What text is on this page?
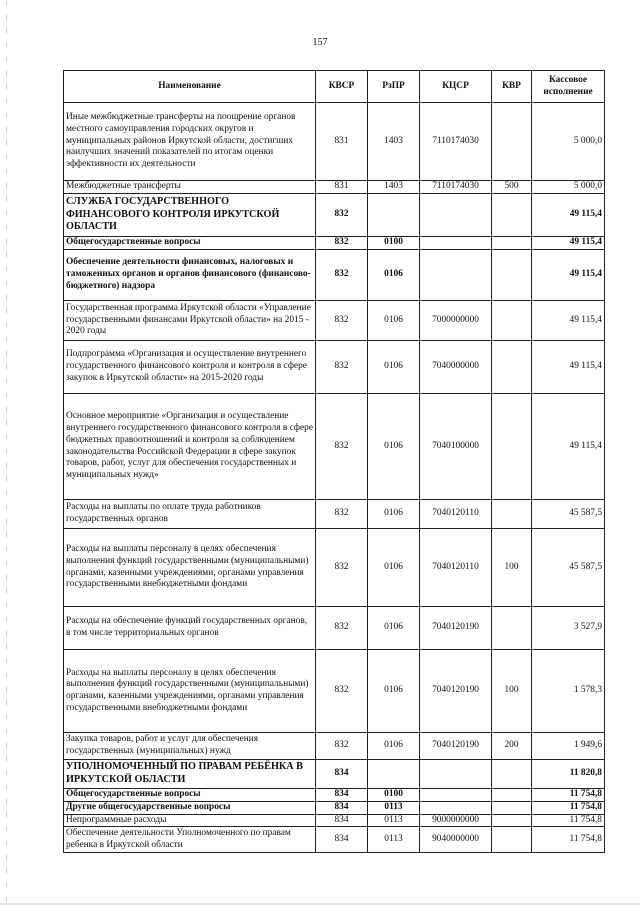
157
Наименование	КВСР	РзПР	КЦСР	КВР	Кассовое исполнение
Иные межбюджетные трансферты на поощрение органов местного самоуправления городских округов и муниципальных районов Иркутской области, достигших наилучших значений показателей по итогам оценки эффективности их деятельности	831	1403	7110174030		5 000,0
Межбюджетные трансферты	831	1403	7110174030	500	5 000,0
СЛУЖБА ГОСУДАРСТВЕННОГО ФИНАНСОВОГО КОНТРОЛЯ ИРКУТСКОЙ ОБЛАСТИ	832				49 115,4
Общегосударственные вопросы	832	0100			49 115,4
Обеспечение деятельности финансовых, налоговых и таможенных органов и органов финансового (финансово-бюджетного) надзора	832	0106			49 115,4
Государственная программа Иркутской области «Управление государственными финансами Иркутской области» на 2015 - 2020 годы	832	0106	7000000000		49 115,4
Подпрограмма «Организация и осуществление внутреннего государственного финансового контроля и контроля в сфере закупок в Иркутской области» на 2015-2020 годы	832	0106	7040000000		49 115,4
Основное мероприятие «Организация и осуществление внутреннего государственного финансового контроля в сфере бюджетных правоотношений и контроля за соблюдением законодательства Российской Федерации в сфере закупок товаров, работ, услуг для обеспечения государственных и муниципальных нужд»	832	0106	7040100000		49 115,4
Расходы на выплаты по оплате труда работников государственных органов	832	0106	7040120110		45 587,5
Расходы на выплаты персоналу в целях обеспечения выполнения функций государственными (муниципальными) органами, казенными учреждениями, органами управления государственными внебюджетными фондами	832	0106	7040120110	100	45 587,5
Расходы на обеспечение функций государственных органов, в том числе территориальных органов	832	0106	7040120190		3 527,9
Расходы на выплаты персоналу в целях обеспечения выполнения функций государственными (муниципальными) органами, казенными учреждениями, органами управления государственными внебюджетными фондами	832	0106	7040120190	100	1 578,3
Закупка товаров, работ и услуг для обеспечения государственных (муниципальных) нужд	832	0106	7040120190	200	1 949,6
УПОЛНОМОЧЕННЫЙ ПО ПРАВАМ РЕБЁНКА В ИРКУТСКОЙ ОБЛАСТИ	834				11 820,8
Общегосударственные вопросы	834	0100			11 754,8
Другие общегосударственные вопросы	834	0113			11 754,8
Непрограммные расходы	834	0113	9000000000		11 754,8
Обеспечение деятельности Уполномоченного по правам ребенка в Иркутской области	834	0113	9040000000		11 754,8
